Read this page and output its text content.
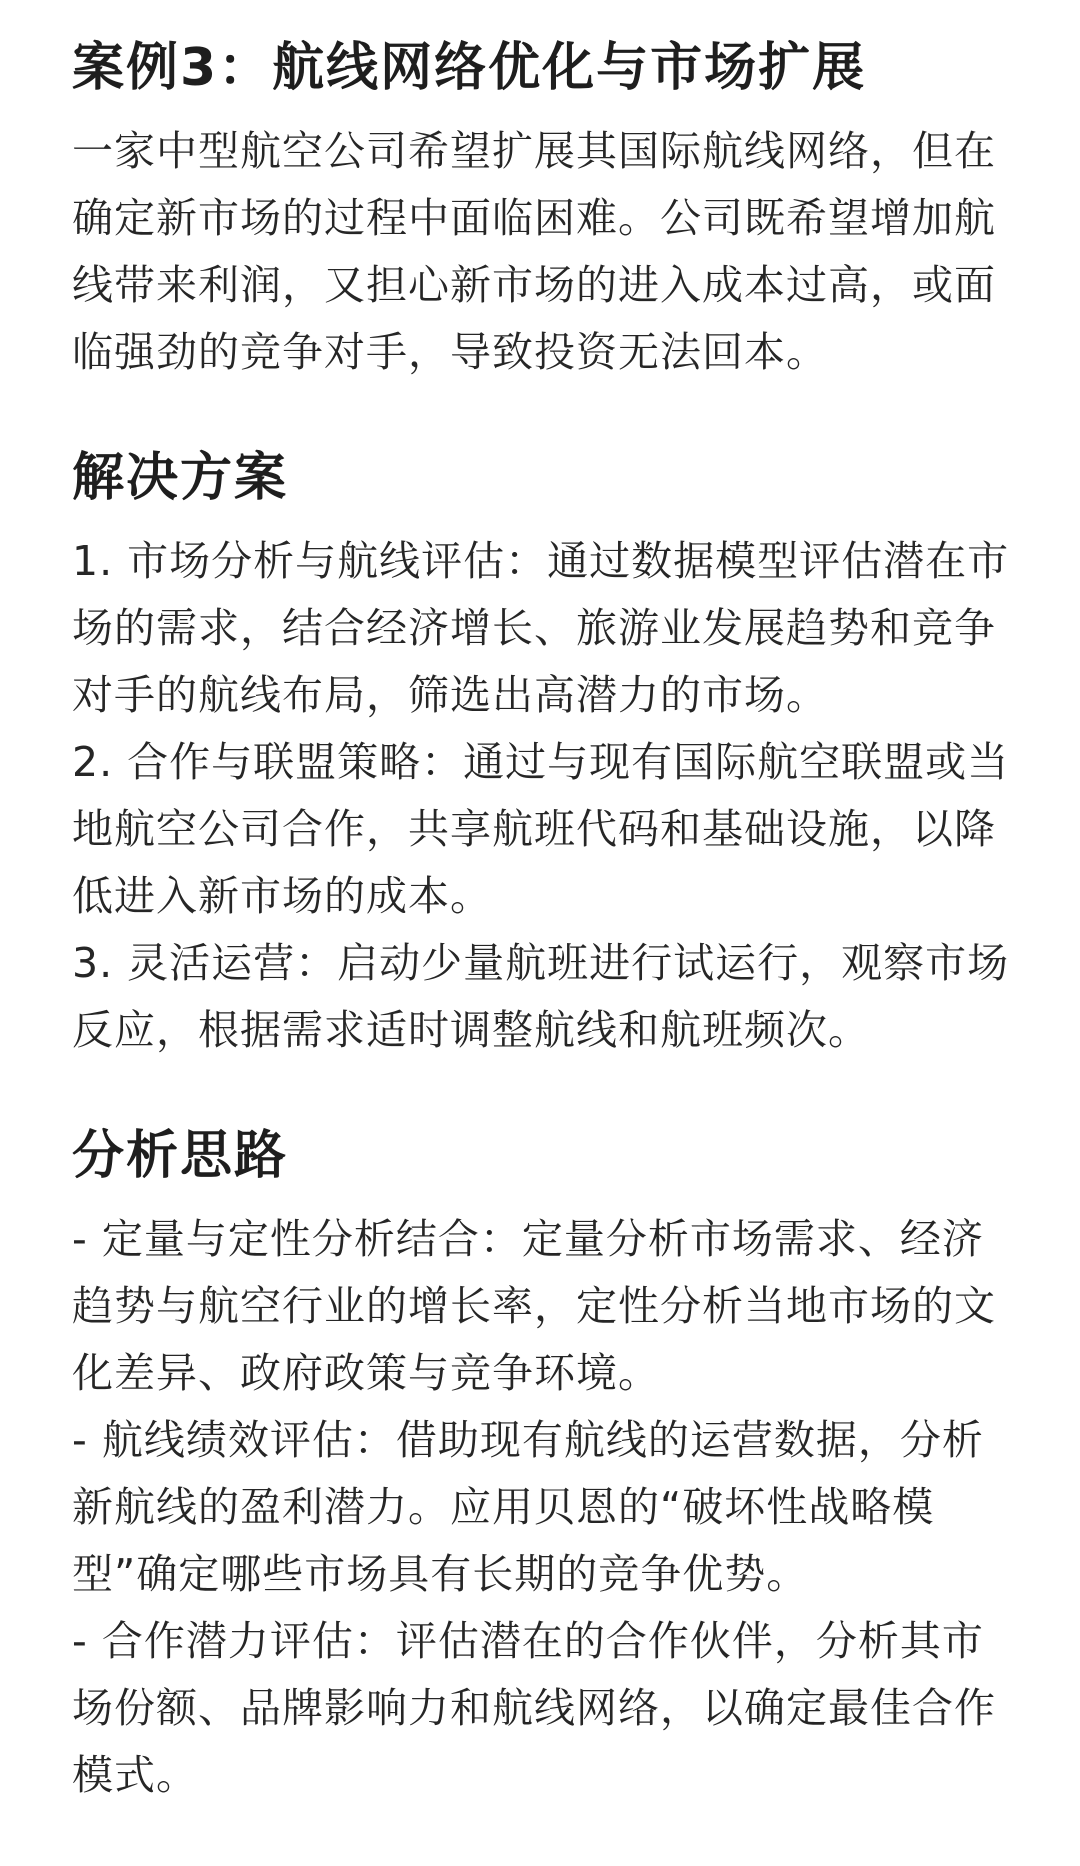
案例3：航线网络优化与市场扩展

一家中型航空公司希望扩展其国际航线网络，但在确定新市场的过程中面临困难。公司既希望增加航线带来利润，又担心新市场的进入成本过高，或面临强劲的竞争对手，导致投资无法回本。

解决方案
1. 市场分析与航线评估：通过数据模型评估潜在市场的需求，结合经济增长、旅游业发展趋势和竞争对手的航线布局，筛选出高潜力的市场。
2. 合作与联盟策略：通过与现有国际航空联盟或当地航空公司合作，共享航班代码和基础设施，以降低进入新市场的成本。
3. 灵活运营：启动少量航班进行试运行，观察市场反应，根据需求适时调整航线和航班频次。
分析思路
- 定量与定性分析结合：定量分析市场需求、经济趋势与航空行业的增长率，定性分析当地市场的文化差异、政府政策与竞争环境。
- 航线绩效评估：借助现有航线的运营数据，分析新航线的盈利潜力。应用贝恩的“破坏性战略模型”确定哪些市场具有长期的竞争优势。
- 合作潜力评估：评估潜在的合作伙伴，分析其市场份额、品牌影响力和航线网络，以确定最佳合作模式。
